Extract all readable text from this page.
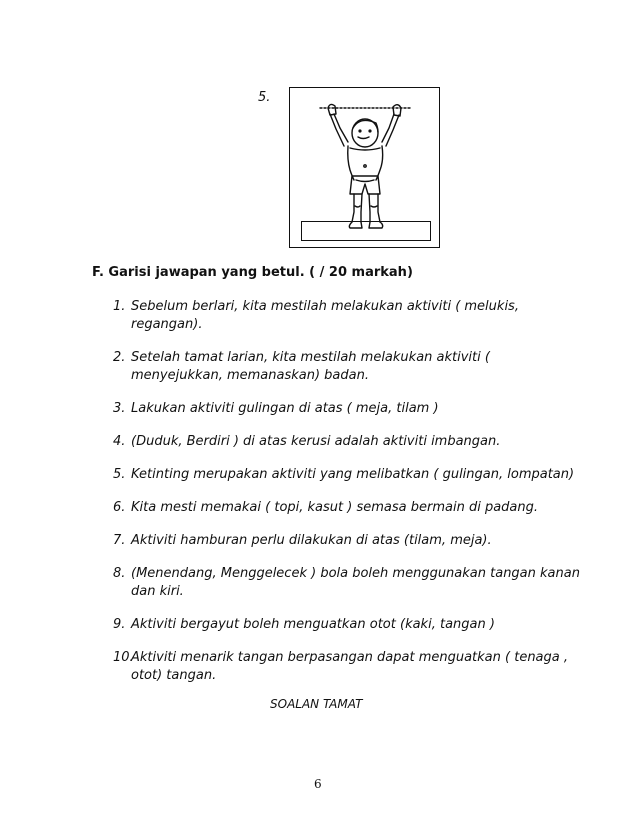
5.
F. Garisi jawapan yang betul. ( / 20 markah)
1. Sebelum berlari, kita mestilah melakukan aktiviti ( melukis, regangan).
2. Setelah tamat larian, kita mestilah melakukan aktiviti ( menyejukkan, memanaskan) badan.
3. Lakukan aktiviti gulingan di atas ( meja, tilam )
4. (Duduk, Berdiri ) di atas kerusi adalah aktiviti imbangan.
5. Ketinting merupakan aktiviti yang melibatkan ( gulingan, lompatan)
6. Kita mesti memakai ( topi, kasut ) semasa bermain di padang.
7. Aktiviti hamburan perlu dilakukan di atas (tilam, meja).
8. (Menendang, Menggelecek ) bola boleh menggunakan tangan kanan dan kiri.
9. Aktiviti bergayut boleh menguatkan otot (kaki, tangan )
10.
Aktiviti menarik tangan berpasangan dapat menguatkan ( tenaga , otot) tangan.
SOALAN TAMAT
6
